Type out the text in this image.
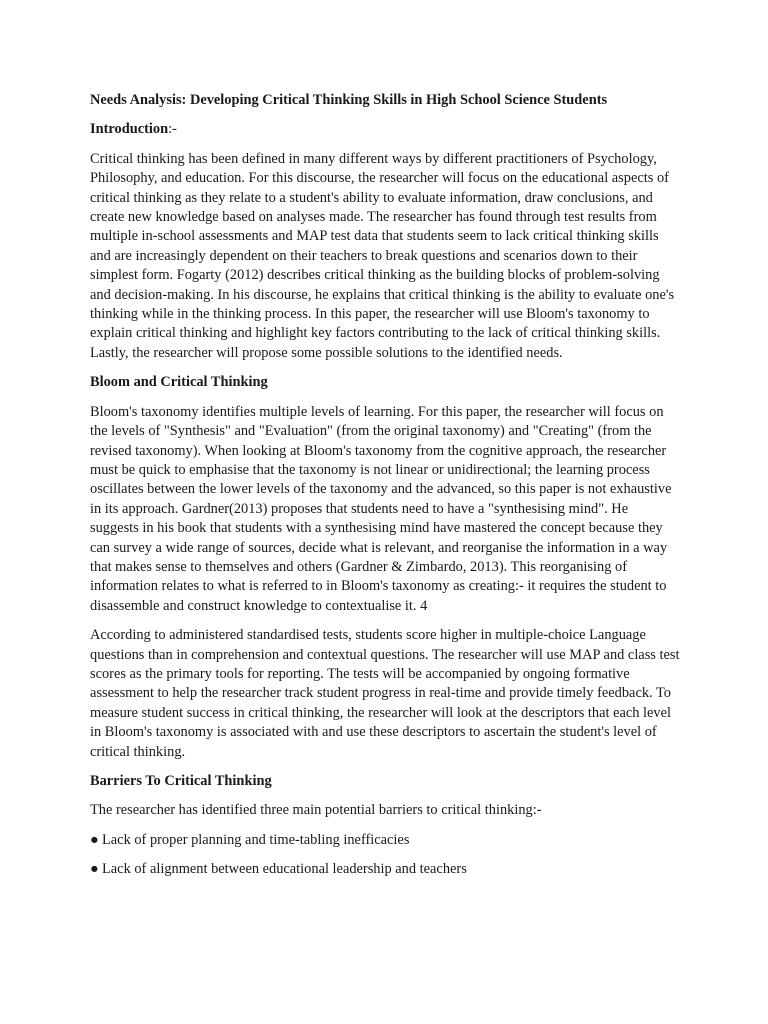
Needs Analysis: Developing Critical Thinking Skills in High School Science Students
Introduction:-

Critical thinking has been defined in many different ways by different practitioners of Psychology, Philosophy, and education. For this discourse, the researcher will focus on the educational aspects of critical thinking as they relate to a student's ability to evaluate information, draw conclusions, and create new knowledge based on analyses made. The researcher has found through test results from multiple in-school assessments and MAP test data that students seem to lack critical thinking skills and are increasingly dependent on their teachers to break questions and scenarios down to their simplest form. Fogarty (2012) describes critical thinking as the building blocks of problem-solving and decision-making. In his discourse, he explains that critical thinking is the ability to evaluate one's thinking while in the thinking process. In this paper, the researcher will use Bloom's taxonomy to explain critical thinking and highlight key factors contributing to the lack of critical thinking skills. Lastly, the researcher will propose some possible solutions to the identified needs.

Bloom and Critical Thinking

Bloom's taxonomy identifies multiple levels of learning. For this paper, the researcher will focus on the levels of "Synthesis" and "Evaluation" (from the original taxonomy) and "Creating" (from the revised taxonomy). When looking at Bloom's taxonomy from the cognitive approach, the researcher must be quick to emphasise that the taxonomy is not linear or unidirectional; the learning process oscillates between the lower levels of the taxonomy and the advanced, so this paper is not exhaustive in its approach. Gardner(2013) proposes that students need to have a "synthesising mind". He suggests in his book that students with a synthesising mind have mastered the concept because they can survey a wide range of sources, decide what is relevant, and reorganise the information in a way that makes sense to themselves and others (Gardner & Zimbardo, 2013). This reorganising of information relates to what is referred to in Bloom's taxonomy as creating:- it requires the student to disassemble and construct knowledge to contextualise it. 4

According to administered standardised tests, students score higher in multiple-choice Language questions than in comprehension and contextual questions. The researcher will use MAP and class test scores as the primary tools for reporting. The tests will be accompanied by ongoing formative assessment to help the researcher track student progress in real-time and provide timely feedback. To measure student success in critical thinking, the researcher will look at the descriptors that each level in Bloom's taxonomy is associated with and use these descriptors to ascertain the student's level of critical thinking.

Barriers To Critical Thinking

The researcher has identified three main potential barriers to critical thinking:-

● Lack of proper planning and time-tabling inefficacies

● Lack of alignment between educational leadership and teachers
